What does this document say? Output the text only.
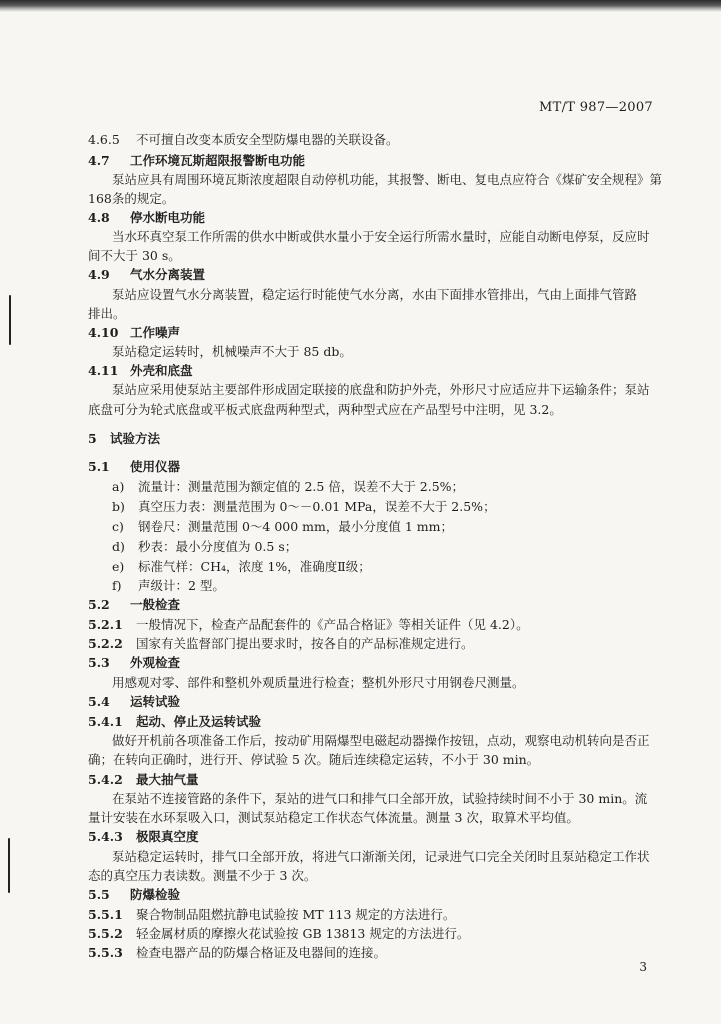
MT/T 987—2007
4.6.5 不可擅自改变本质安全型防爆电器的关联设备。
4.7 工作环境瓦斯超限报警断电功能
泵站应具有周围环境瓦斯浓度超限自动停机功能，其报警、断电、复电点应符合《煤矿安全规程》第
168条的规定。
4.8 停水断电功能
当水环真空泵工作所需的供水中断或供水量小于安全运行所需水量时，应能自动断电停泵，反应时
间不大于 30 s。
4.9 气水分离装置
泵站应设置气水分离装置，稳定运行时能使气水分离，水由下面排水管排出，气由上面排气管路
排出。
4.10 工作噪声
泵站稳定运转时，机械噪声不大于 85 db。
4.11 外壳和底盘
泵站应采用使泵站主要部件形成固定联接的底盘和防护外壳，外形尺寸应适应井下运输条件；泵站
底盘可分为轮式底盘或平板式底盘两种型式，两种型式应在产品型号中注明，见 3.2。
5 试验方法
5.1 使用仪器
a) 流量计：测量范围为额定值的 2.5 倍，误差不大于 2.5%；
b) 真空压力表：测量范围为 0～－0.01 MPa，误差不大于 2.5%；
c) 钢卷尺：测量范围 0～4 000 mm，最小分度值 1 mm；
d) 秒表：最小分度值为 0.5 s；
e) 标准气样：CH₄，浓度 1%，准确度Ⅱ级；
f) 声级计：2 型。
5.2 一般检查
5.2.1 一般情况下，检查产品配套件的《产品合格证》等相关证件（见 4.2）。
5.2.2 国家有关监督部门提出要求时，按各自的产品标准规定进行。
5.3 外观检查
用感观对零、部件和整机外观质量进行检查；整机外形尺寸用钢卷尺测量。
5.4 运转试验
5.4.1 起动、停止及运转试验
做好开机前各项准备工作后，按动矿用隔爆型电磁起动器操作按钮，点动，观察电动机转向是否正
确；在转向正确时，进行开、停试验 5 次。随后连续稳定运转，不小于 30 min。
5.4.2 最大抽气量
在泵站不连接管路的条件下，泵站的进气口和排气口全部开放，试验持续时间不小于 30 min。流
量计安装在水环泵吸入口，测试泵站稳定工作状态气体流量。测量 3 次，取算术平均值。
5.4.3 极限真空度
泵站稳定运转时，排气口全部开放，将进气口渐渐关闭，记录进气口完全关闭时且泵站稳定工作状
态的真空压力表读数。测量不少于 3 次。
5.5 防爆检验
5.5.1 聚合物制品阻燃抗静电试验按 MT 113 规定的方法进行。
5.5.2 轻金属材质的摩擦火花试验按 GB 13813 规定的方法进行。
5.5.3 检查电器产品的防爆合格证及电器间的连接。
3
